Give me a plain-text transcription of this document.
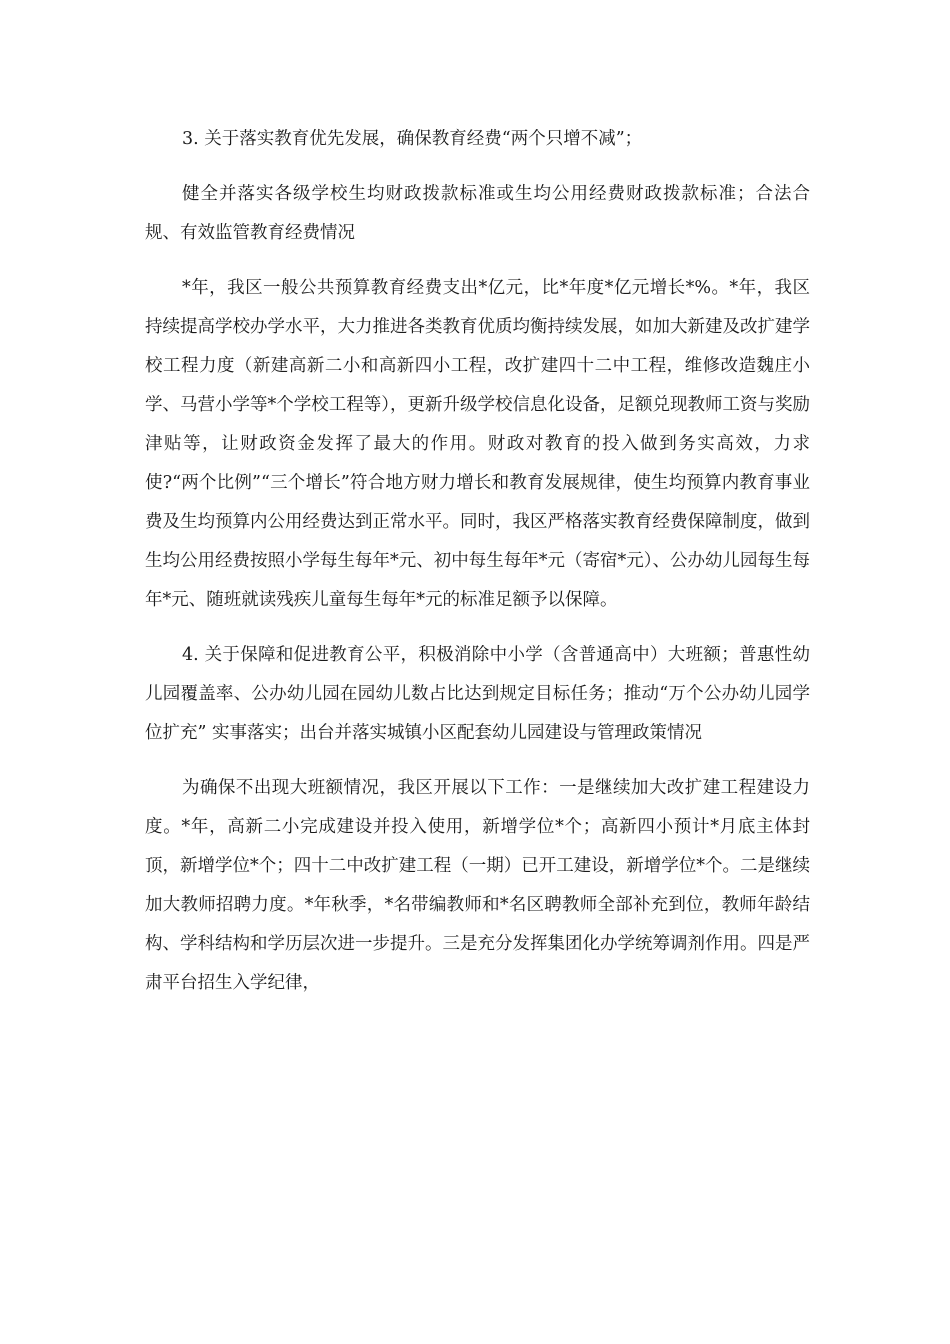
3. 关于落实教育优先发展，确保教育经费“两个只增不减”；

健全并落实各级学校生均财政拨款标准或生均公用经费财政拨款标准；合法合规、有效监管教育经费情况

*年，我区一般公共预算教育经费支出*亿元，比*年度*亿元增长*%。*年，我区持续提高学校办学水平，大力推进各类教育优质均衡持续发展，如加大新建及改扩建学校工程力度（新建高新二小和高新四小工程，改扩建四十二中工程，维修改造魏庄小学、马营小学等*个学校工程等），更新升级学校信息化设备，足额兑现教师工资与奖励津贴等，让财政资金发挥了最大的作用。财政对教育的投入做到务实高效，力求使?“两个比例”“三个增长”符合地方财力增长和教育发展规律，使生均预算内教育事业费及生均预算内公用经费达到正常水平。同时，我区严格落实教育经费保障制度，做到生均公用经费按照小学每生每年*元、初中每生每年*元（寄宿*元）、公办幼儿园每生每年*元、随班就读残疾儿童每生每年*元的标准足额予以保障。

4. 关于保障和促进教育公平，积极消除中小学（含普通高中）大班额；普惠性幼儿园覆盖率、公办幼儿园在园幼儿数占比达到规定目标任务；推动“万个公办幼儿园学位扩充” 实事落实；出台并落实城镇小区配套幼儿园建设与管理政策情况

为确保不出现大班额情况，我区开展以下工作：一是继续加大改扩建工程建设力度。*年，高新二小完成建设并投入使用，新增学位*个；高新四小预计*月底主体封顶，新增学位*个；四十二中改扩建工程（一期）已开工建设，新增学位*个。二是继续加大教师招聘力度。*年秋季，*名带编教师和*名区聘教师全部补充到位，教师年龄结构、学科结构和学历层次进一步提升。三是充分发挥集团化办学统筹调剂作用。四是严肃平台招生入学纪律，
